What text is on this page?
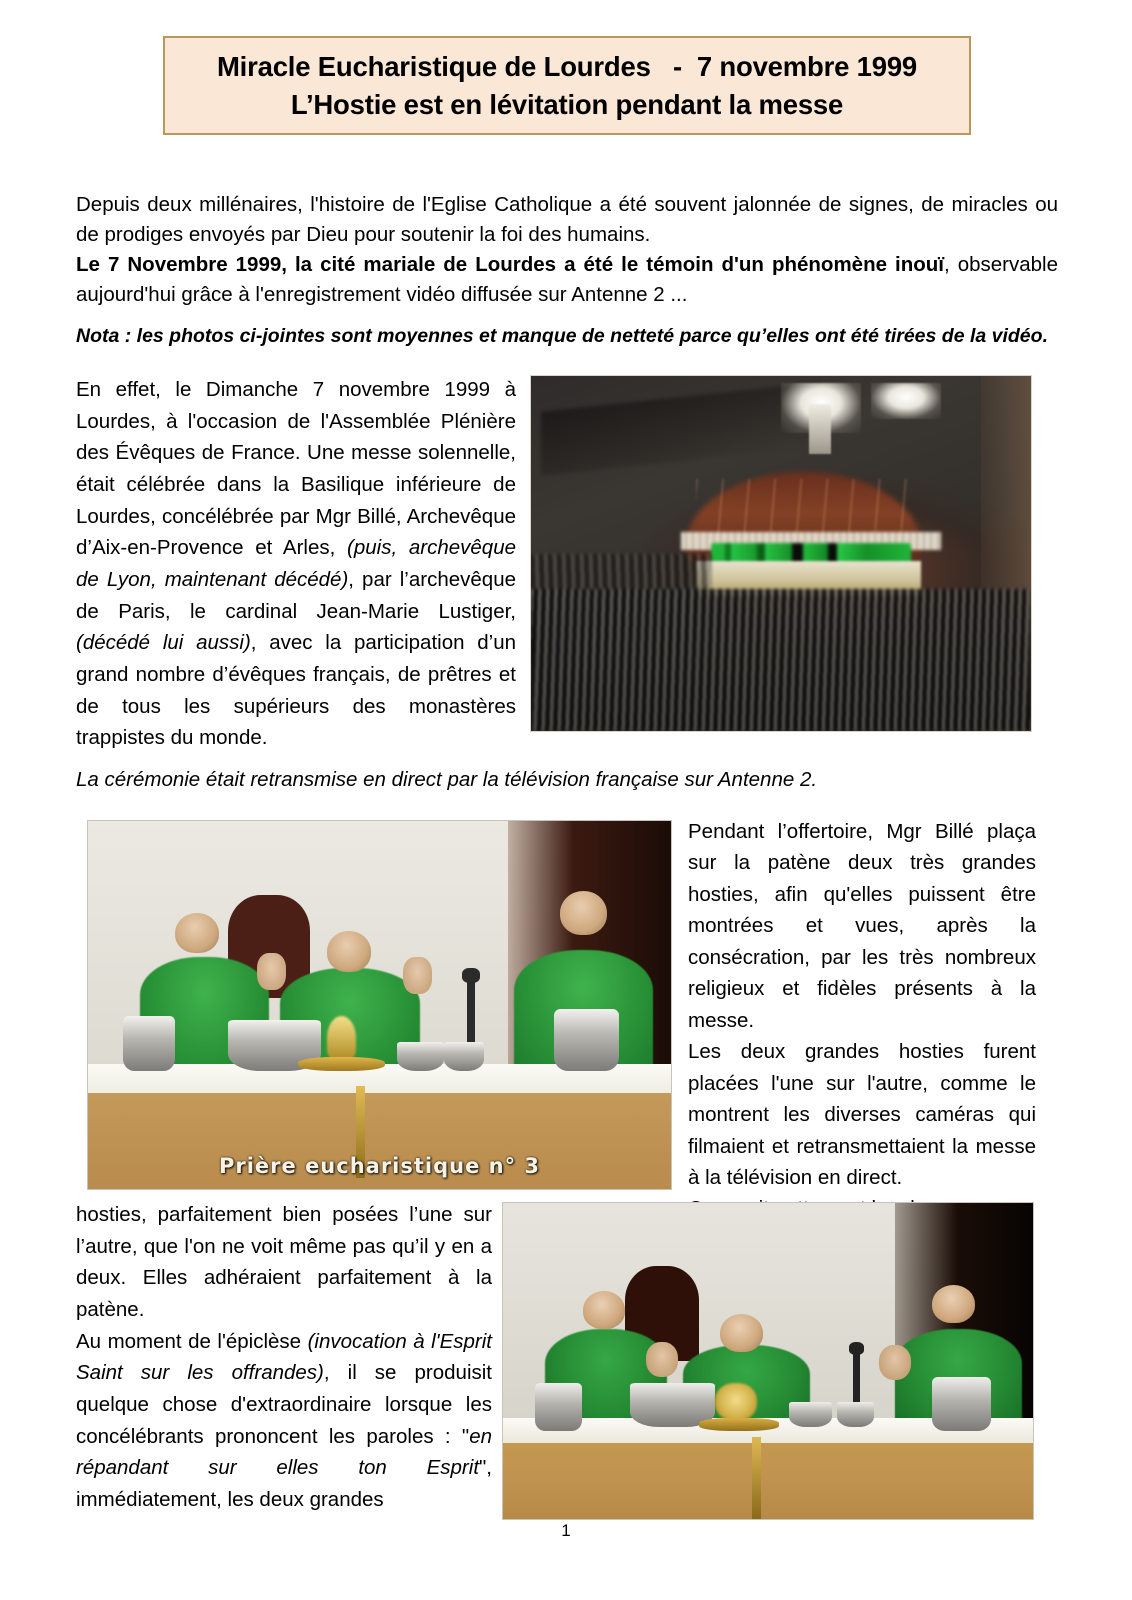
Miracle Eucharistique de Lourdes   -  7 novembre 1999
L’Hostie est en lévitation pendant la messe
Depuis deux millénaires, l'histoire de l'Eglise Catholique a été souvent jalonnée de signes, de miracles ou de prodiges envoyés par Dieu pour soutenir la foi des humains.
Le 7 Novembre 1999, la cité mariale de Lourdes a été le témoin d'un phénomène inouï, observable aujourd'hui grâce à l'enregistrement vidéo diffusée sur Antenne 2 ...
Nota : les photos ci-jointes sont moyennes et manque de netteté parce qu’elles ont été tirées de la vidéo.
En effet, le Dimanche 7 novembre 1999 à Lourdes, à l'occasion de l'Assemblée Plénière des Évêques de France. Une messe solennelle, était célébrée dans la Basilique inférieure de Lourdes, concélébrée par Mgr Billé, Archevêque d’Aix-en-Provence et Arles, (puis, archevêque de Lyon, maintenant décédé), par l’archevêque de Paris, le cardinal Jean-Marie Lustiger, (décédé lui aussi), avec la participation d’un grand nombre d’évêques français, de prêtres et de tous les supérieurs des monastères trappistes du monde.
La cérémonie était retransmise en direct par la télévision française sur Antenne 2.
Prière eucharistique n° 3
Pendant l’offertoire, Mgr Billé plaça sur la patène deux très grandes hosties, afin qu'elles puissent être montrées et vues, après la consécration, par les très nombreux religieux et fidèles présents à la messe.
Les deux grandes hosties furent placées l'une sur l'autre, comme le montrent les diverses caméras qui filmaient et retransmettaient la messe à la télévision en direct.

hosties, parfaitement bien posées l’une sur l’autre, que l'on ne voit même pas qu’il y en a deux. Elles adhéraient parfaitement à la patène.
Au moment de l'épiclèse (invocation à l'Esprit Saint sur les offrandes), il se produisit quelque chose d'extraordinaire lorsque les concélébrants prononcent les paroles : "en répandant sur elles ton Esprit", immédiatement, les deux grandes
1
